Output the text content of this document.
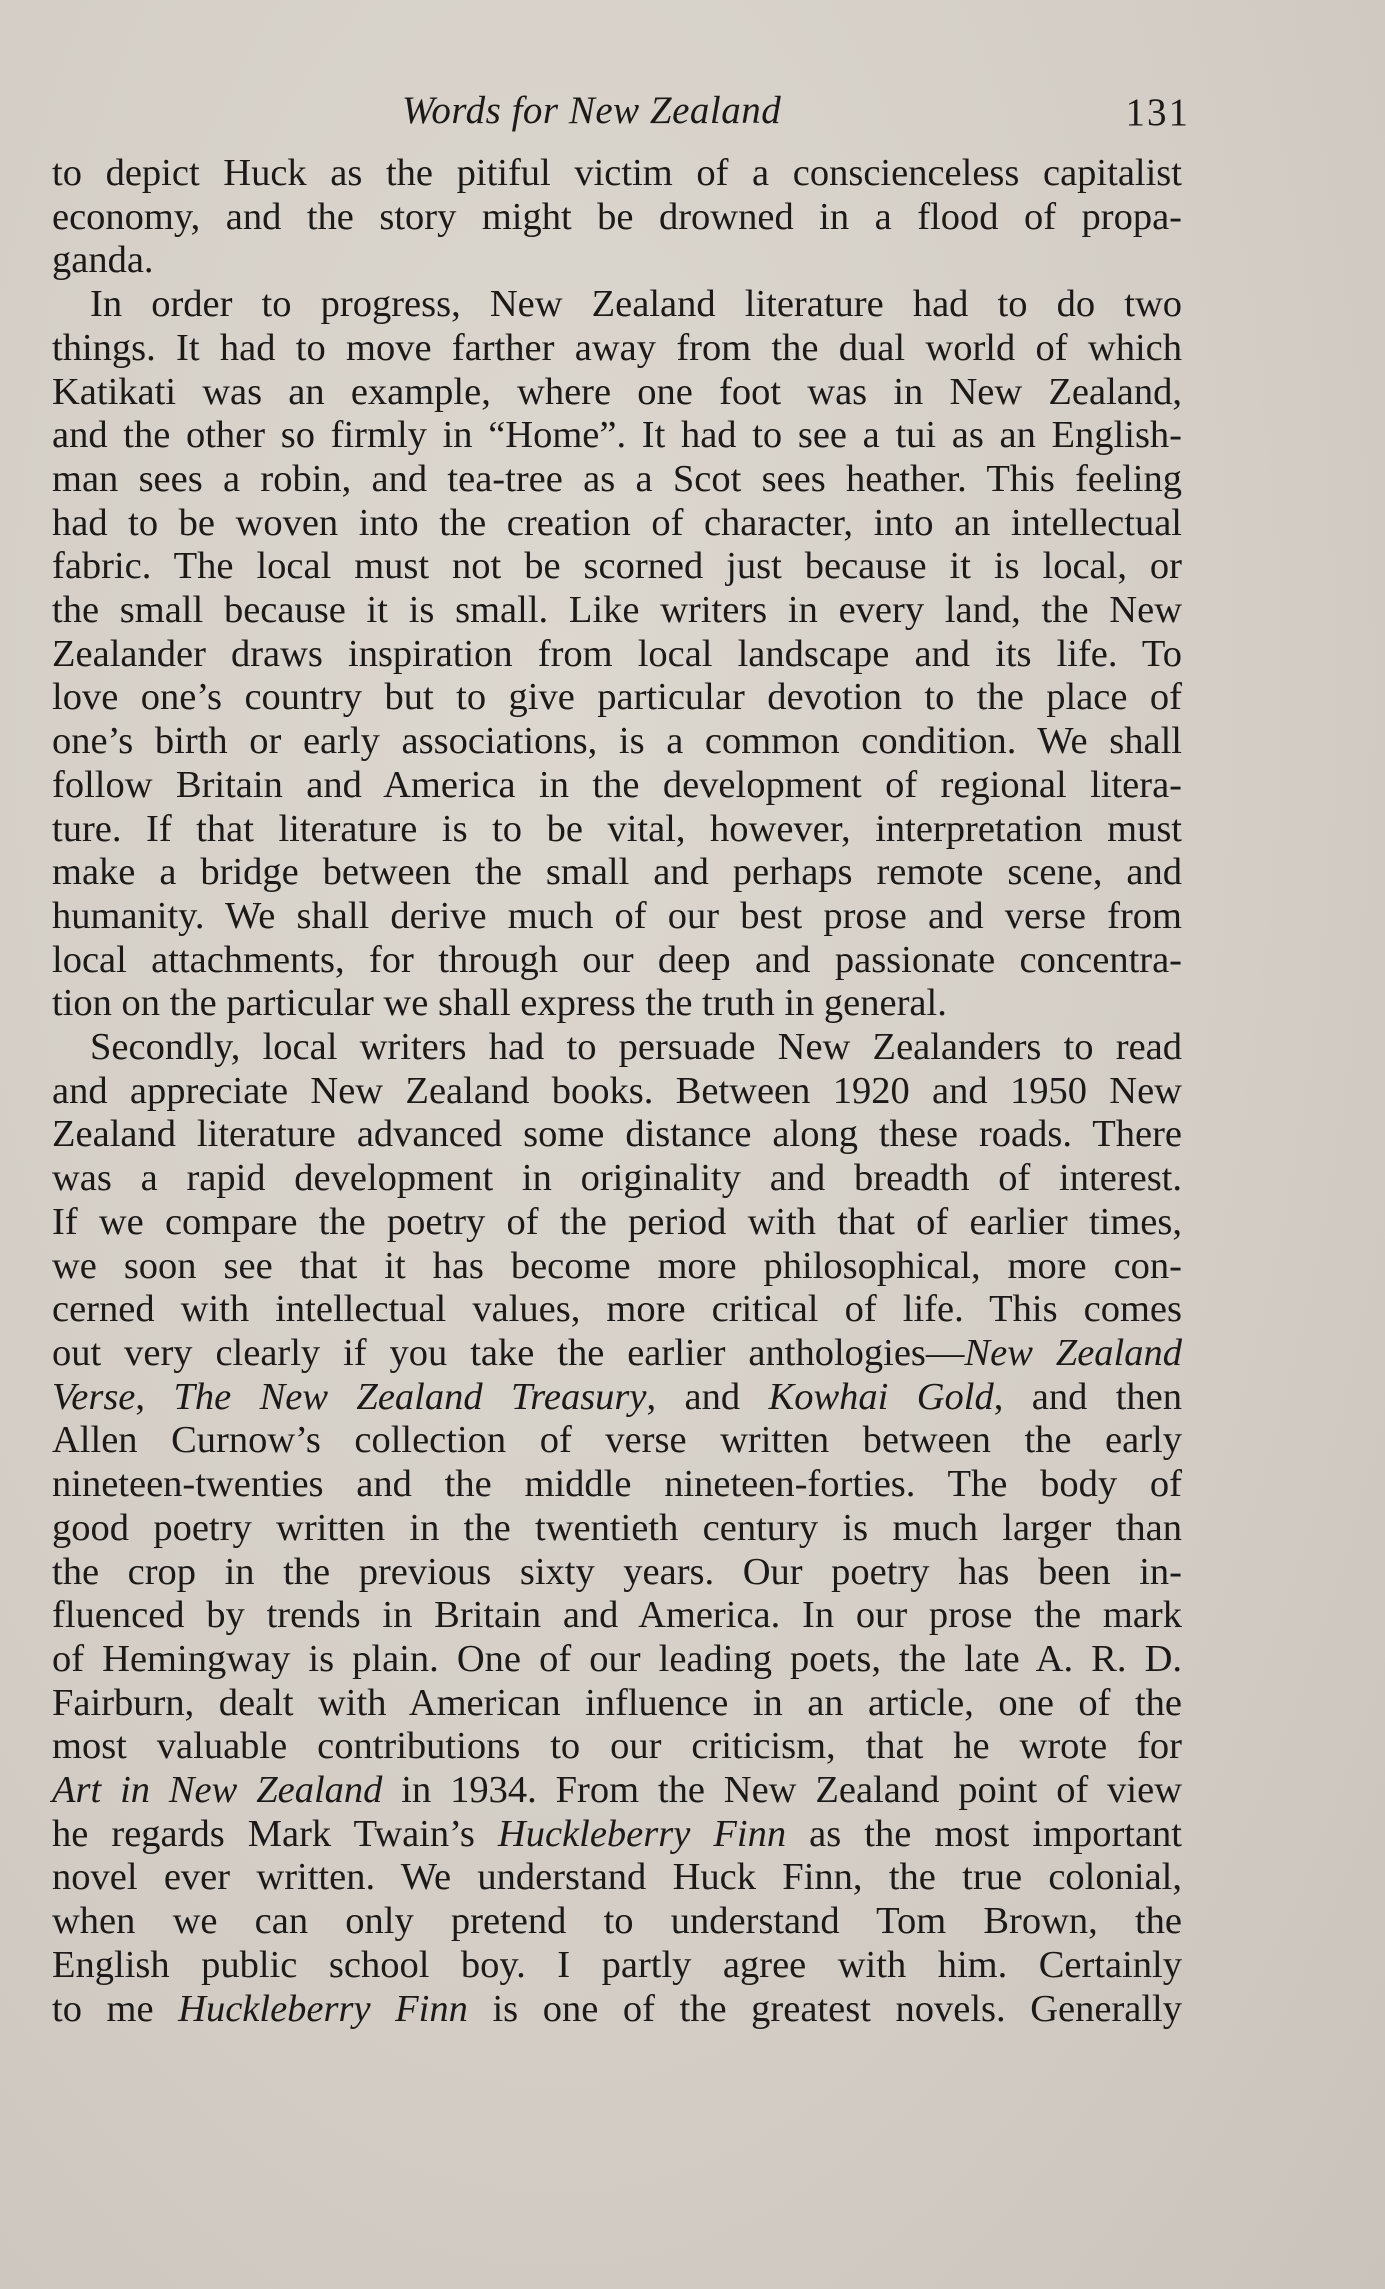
Words for New Zealand	131

to depict Huck as the pitiful victim of a conscienceless capitalist
economy, and the story might be drowned in a flood of propa-
ganda.

In order to progress, New Zealand literature had to do two
things. It had to move farther away from the dual world of which
Katikati was an example, where one foot was in New Zealand,
and the other so firmly in “Home”. It had to see a tui as an English-
man sees a robin, and tea-tree as a Scot sees heather. This feeling
had to be woven into the creation of character, into an intellectual
fabric. The local must not be scorned just because it is local, or
the small because it is small. Like writers in every land, the New
Zealander draws inspiration from local landscape and its life. To
love one’s country but to give particular devotion to the place of
one’s birth or early associations, is a common condition. We shall
follow Britain and America in the development of regional litera-
ture. If that literature is to be vital, however, interpretation must
make a bridge between the small and perhaps remote scene, and
humanity. We shall derive much of our best prose and verse from
local attachments, for through our deep and passionate concentra-
tion on the particular we shall express the truth in general.

Secondly, local writers had to persuade New Zealanders to read
and appreciate New Zealand books. Between 1920 and 1950 New
Zealand literature advanced some distance along these roads. There
was a rapid development in originality and breadth of interest.
If we compare the poetry of the period with that of earlier times,
we soon see that it has become more philosophical, more con-
cerned with intellectual values, more critical of life. This comes
out very clearly if you take the earlier anthologies—New Zealand
Verse, The New Zealand Treasury, and Kowhai Gold, and then
Allen Curnow’s collection of verse written between the early
nineteen-twenties and the middle nineteen-forties. The body of
good poetry written in the twentieth century is much larger than
the crop in the previous sixty years. Our poetry has been in-
fluenced by trends in Britain and America. In our prose the mark
of Hemingway is plain. One of our leading poets, the late A. R. D.
Fairburn, dealt with American influence in an article, one of the
most valuable contributions to our criticism, that he wrote for
Art in New Zealand in 1934. From the New Zealand point of view
he regards Mark Twain’s Huckleberry Finn as the most important
novel ever written. We understand Huck Finn, the true colonial,
when we can only pretend to understand Tom Brown, the
English public school boy. I partly agree with him. Certainly
to me Huckleberry Finn is one of the greatest novels. Generally
